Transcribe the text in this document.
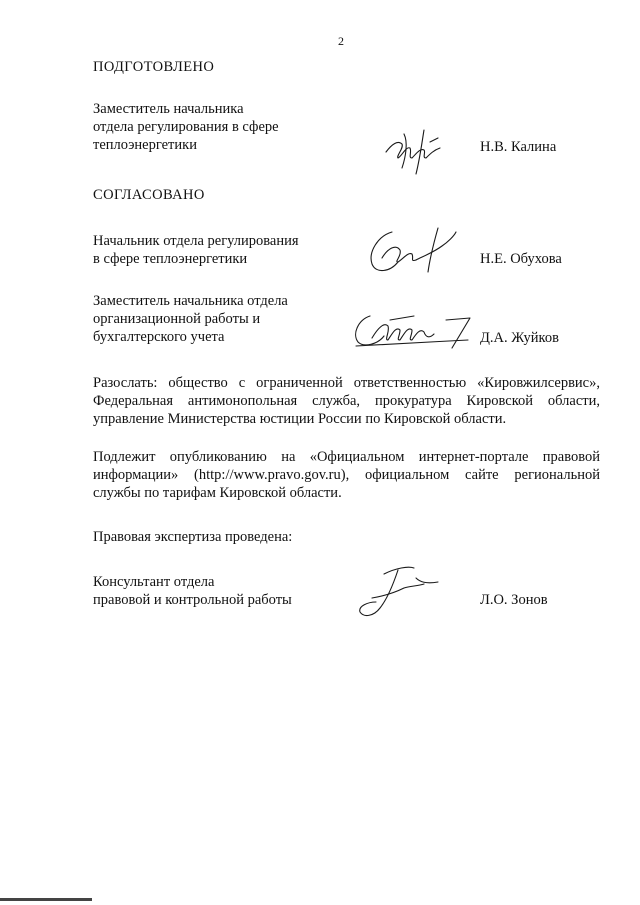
2
ПОДГОТОВЛЕНО
Заместитель начальника
отдела регулирования в сфере
теплоэнергетики	Н.В. Калина
СОГЛАСОВАНО
Начальник отдела регулирования
в сфере теплоэнергетики	Н.Е. Обухова
Заместитель начальника отдела
организационной работы и
бухгалтерского учета	Д.А. Жуйков
Разослать: общество с ограниченной ответственностью «Кировжилсервис», Федеральная антимонопольная служба, прокуратура Кировской области, управление Министерства юстиции России по Кировской области.
Подлежит опубликованию на «Официальном интернет-портале правовой информации» (http://www.pravo.gov.ru), официальном сайте региональной службы по тарифам Кировской области.
Правовая экспертиза проведена:
Консультант отдела
правовой и контрольной работы	Л.О. Зонов
